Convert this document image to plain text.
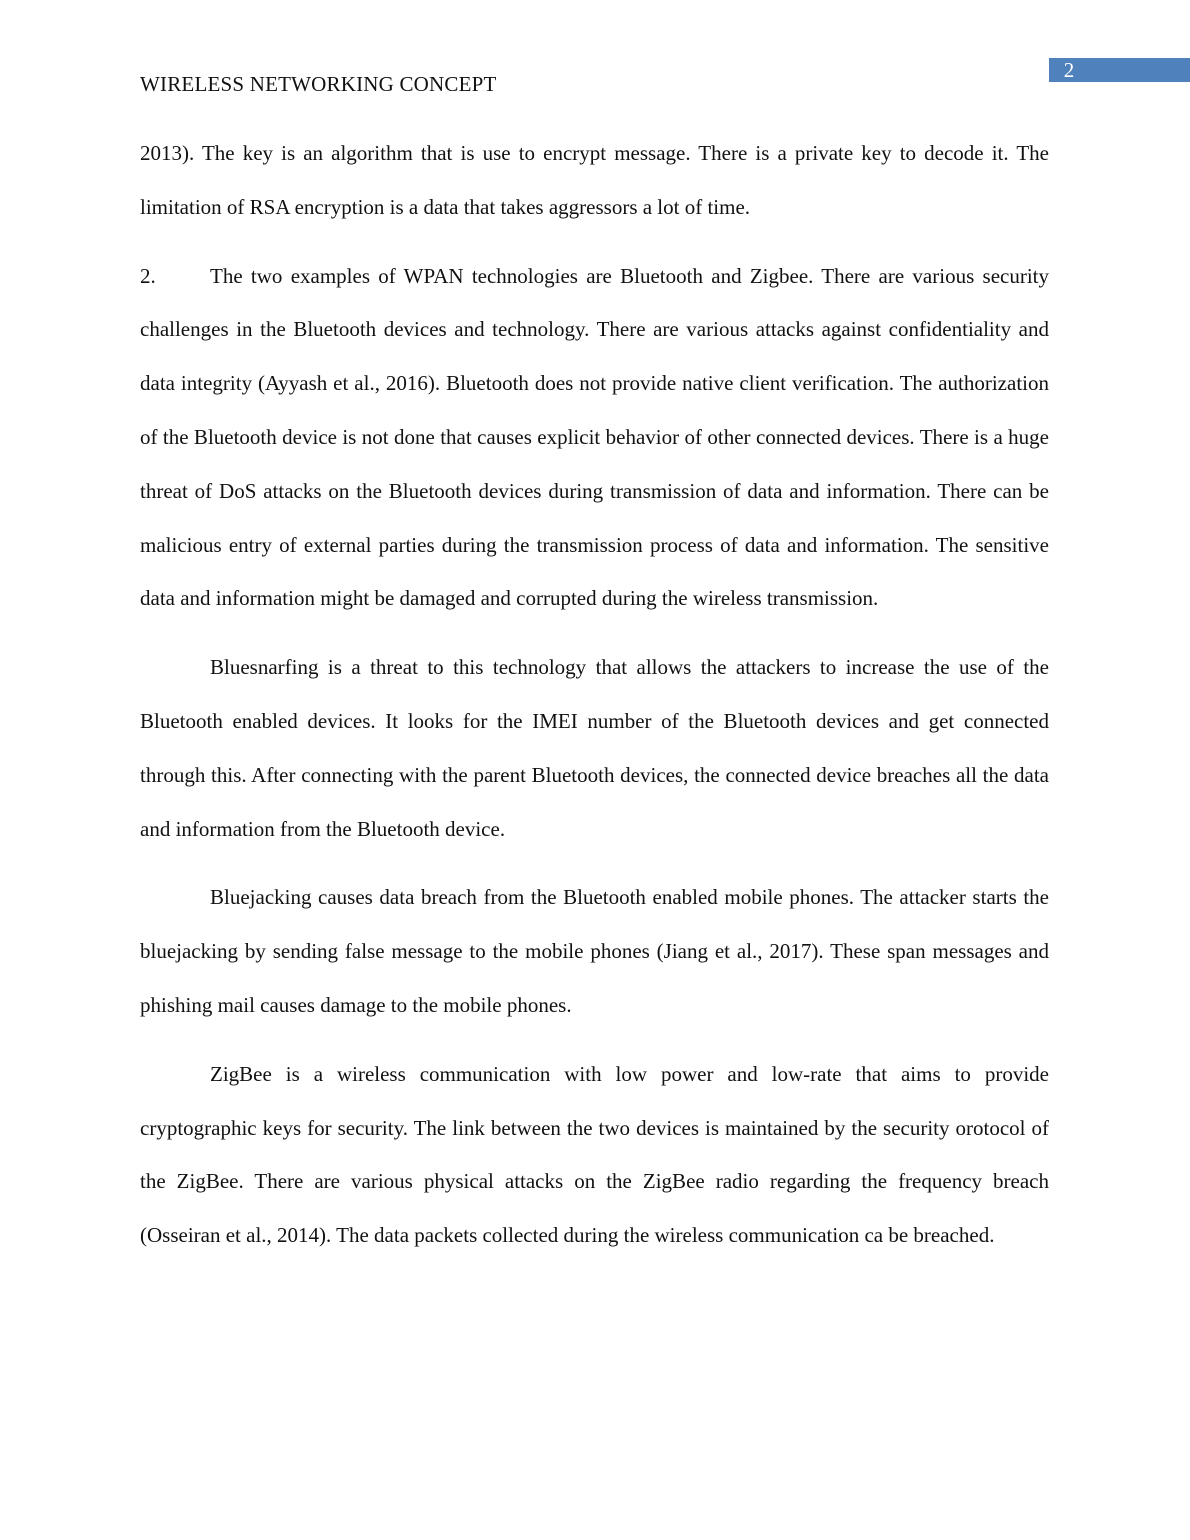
2
WIRELESS NETWORKING CONCEPT

2013). The key is an algorithm that is use to encrypt message. There is a private key to decode it. The limitation of RSA encryption is a data that takes aggressors a lot of time.

2.	The two examples of WPAN technologies are Bluetooth and Zigbee. There are various security challenges in the Bluetooth devices and technology. There are various attacks against confidentiality and data integrity (Ayyash et al., 2016). Bluetooth does not provide native client verification. The authorization of the Bluetooth device is not done that causes explicit behavior of other connected devices. There is a huge threat of DoS attacks on the Bluetooth devices during transmission of data and information. There can be malicious entry of external parties during the transmission process of data and information. The sensitive data and information might be damaged and corrupted during the wireless transmission.

Bluesnarfing is a threat to this technology that allows the attackers to increase the use of the Bluetooth enabled devices. It looks for the IMEI number of the Bluetooth devices and get connected through this. After connecting with the parent Bluetooth devices, the connected device breaches all the data and information from the Bluetooth device.

Bluejacking causes data breach from the Bluetooth enabled mobile phones. The attacker starts the bluejacking by sending false message to the mobile phones (Jiang et al., 2017). These span messages and phishing mail causes damage to the mobile phones.

ZigBee is a wireless communication with low power and low-rate that aims to provide cryptographic keys for security. The link between the two devices is maintained by the security orotocol of the ZigBee. There are various physical attacks on the ZigBee radio regarding the frequency breach (Osseiran et al., 2014). The data packets collected during the wireless communication ca be breached.
